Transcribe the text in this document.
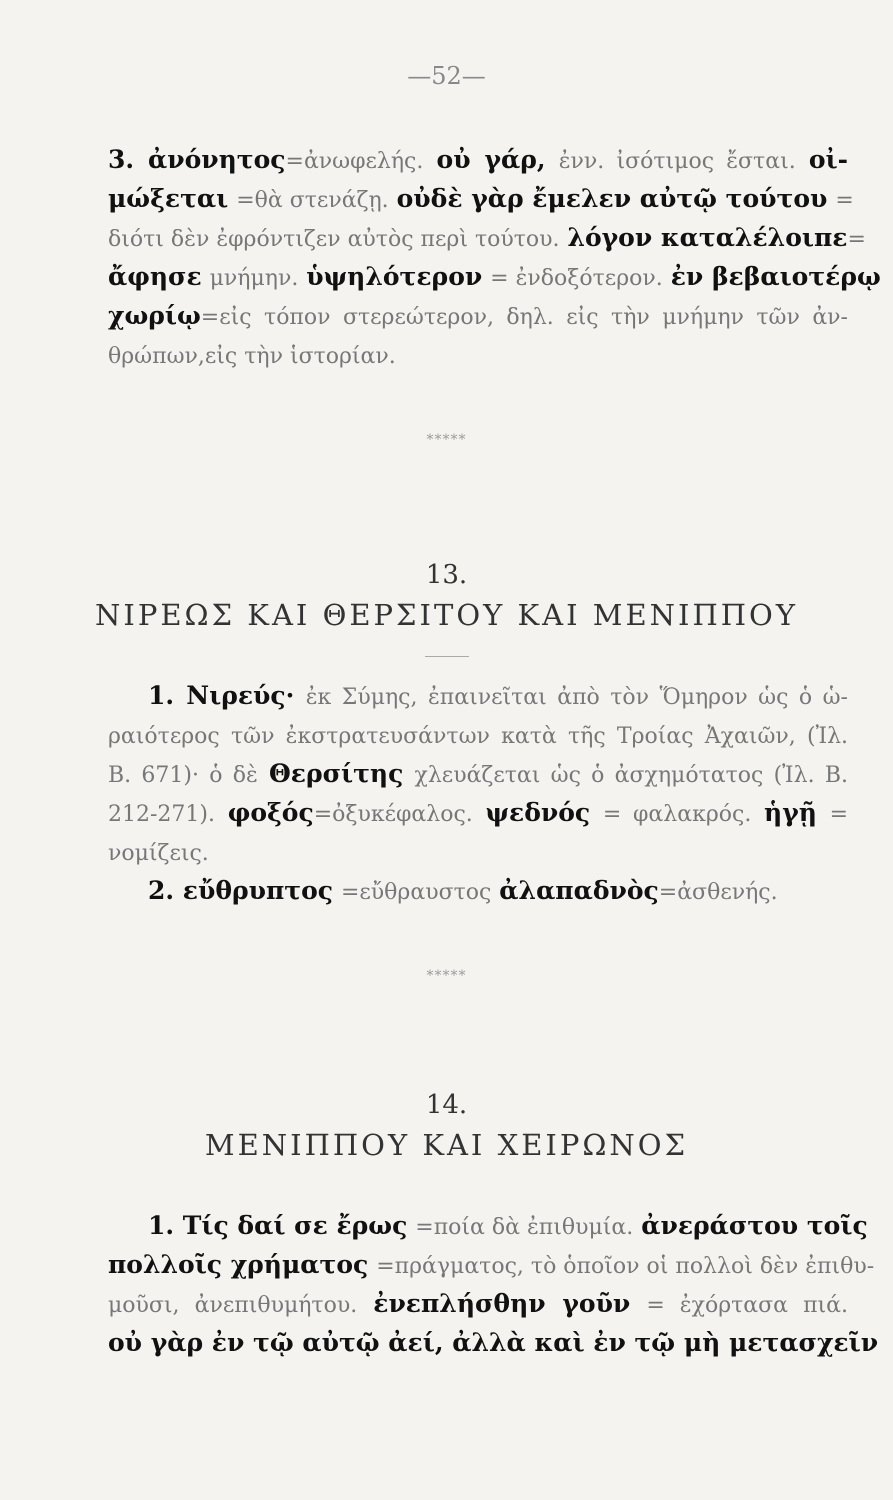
—52—
3. ἀνόνητος=ἀνωφελής. οὐ γάρ, ἐνν. ἰσότιμος ἔσται. οἰ-
μώξεται =θὰ στενάζῃ. οὐδὲ γὰρ ἔμελεν αὐτῷ τούτου =
διότι δὲν ἐφρόντιζεν αὐτὸς περὶ τούτου. λόγον καταλέλοιπε=
ἄφησε μνήμην. ὑψηλότερον = ἐνδοξότερον. ἐν βεβαιοτέρῳ
χωρίῳ=εἰς τόπον στερεώτερον, δηλ. εἰς τὴν μνήμην τῶν ἀν-
θρώπων,εἰς τὴν ἱστορίαν.
*****
13.
ΝΙΡΕΩΣ ΚΑΙ ΘΕΡΣΙΤΟΥ ΚΑΙ ΜΕΝΙΠΠΟΥ
1. Νιρεύς· ἐκ Σύμης, ἐπαινεῖται ἀπὸ τὸν Ὅμηρον ὡς ὁ ὡ-
ραιότερος τῶν ἐκστρατευσάντων κατὰ τῆς Τροίας Ἀχαιῶν, (Ἰλ.
Β. 671)· ὁ δὲ Θερσίτης χλευάζεται ὡς ὁ ἀσχημότατος (Ἰλ. Β.
212-271). φοξός=ὀξυκέφαλος. ψεδνός = φαλακρός. ἡγῇ =
νομίζεις.
2. εὔθρυπτος =εὔθραυστος ἀλαπαδνὸς=ἀσθενής.
*****
14.
ΜΕΝΙΠΠΟΥ ΚΑΙ ΧΕΙΡΩΝΟΣ
1. Τίς δαί σε ἔρως =ποία δὰ ἐπιθυμία. ἀνεράστου τοῖς
πολλοῖς χρήματος =πράγματος, τὸ ὁποῖον οἱ πολλοὶ δὲν ἐπιθυ-
μοῦσι, ἀνεπιθυμήτου. ἐνεπλήσθην γοῦν = ἐχόρτασα πιά.
οὐ γὰρ ἐν τῷ αὐτῷ ἀεί, ἀλλὰ καὶ ἐν τῷ μὴ μετασχεῖν
